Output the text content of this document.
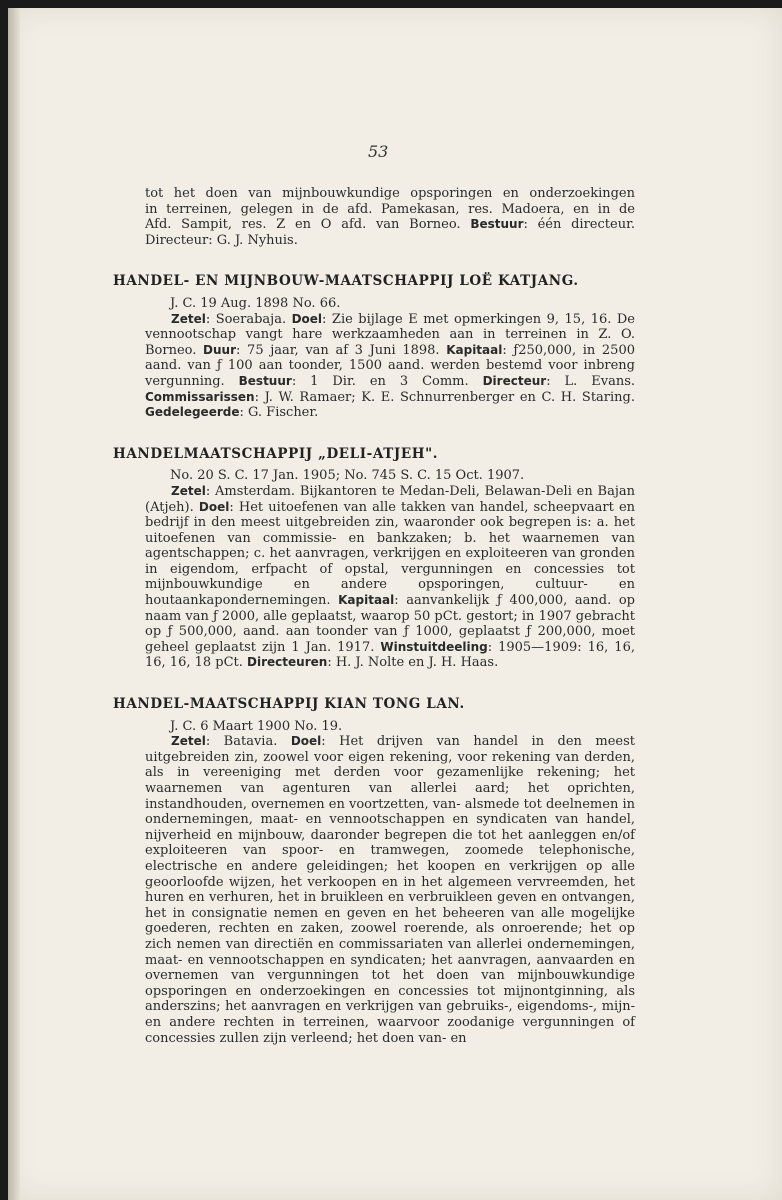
53

tot het doen van mijnbouwkundige opsporingen en onderzoekingen
in terreinen, gelegen in de afd. Pamekasan, res. Madoera, en in de
Afd. Sampit, res. Z en O afd. van Borneo. Bestuur: één directeur.
Directeur: G. J. Nyhuis.

HANDEL- EN MIJNBOUW-MAATSCHAPPIJ LOË KATJANG.

J. C. 19 Aug. 1898 No. 66.

Zetel: Soerabaja. Doel: Zie bijlage E met opmerkingen 9, 15, 16. De vennootschap vangt hare werkzaamheden aan in terreinen in Z. O. Borneo. Duur: 75 jaar, van af 3 Juni 1898. Kapitaal: ƒ250,000, in 2500 aand. van ƒ 100 aan toonder, 1500 aand. werden bestemd voor inbreng vergunning. Bestuur: 1 Dir. en 3 Comm. Directeur: L. Evans. Commissarissen: J. W. Ramaer; K. E. Schnurrenberger en C. H. Staring. Gedelegeerde: G. Fischer.

HANDELMAATSCHAPPIJ „DELI-ATJEH".

No. 20 S. C. 17 Jan. 1905; No. 745 S. C. 15 Oct. 1907.

Zetel: Amsterdam. Bijkantoren te Medan-Deli, Belawan-Deli en Bajan (Atjeh). Doel: Het uitoefenen van alle takken van handel, scheepvaart en bedrijf in den meest uitgebreiden zin, waaronder ook begrepen is: a. het uitoefenen van commissie- en bankzaken; b. het waarnemen van agentschappen; c. het aanvragen, verkrijgen en exploiteeren van gronden in eigendom, erfpacht of opstal, vergunningen en concessies tot mijnbouwkundige en andere opsporingen, cultuur- en houtaankapondernemingen. Kapitaal: aanvankelijk ƒ 400,000, aand. op naam van ƒ 2000, alle geplaatst, waarop 50 pCt. gestort; in 1907 gebracht op ƒ 500,000, aand. aan toonder van ƒ 1000, geplaatst ƒ 200,000, moet geheel geplaatst zijn 1 Jan. 1917. Winstuitdeeling: 1905—1909: 16, 16, 16, 16, 18 pCt. Directeuren: H. J. Nolte en J. H. Haas.

HANDEL-MAATSCHAPPIJ KIAN TONG LAN.

J. C. 6 Maart 1900 No. 19.

Zetel: Batavia. Doel: Het drijven van handel in den meest uitgebreiden zin, zoowel voor eigen rekening, voor rekening van derden, als in vereeniging met derden voor gezamenlijke rekening; het waarnemen van agenturen van allerlei aard; het oprichten, instandhouden, overnemen en voortzetten, van- alsmede tot deelnemen in ondernemingen, maat- en vennootschappen en syndicaten van handel, nijverheid en mijnbouw, daaronder begrepen die tot het aanleggen en/of exploiteeren van spoor- en tramwegen, zoomede telephonische, electrische en andere geleidingen; het koopen en verkrijgen op alle geoorloofde wijzen, het verkoopen en in het algemeen vervreemden, het huren en verhuren, het in bruikleen en verbruikleen geven en ontvangen, het in consignatie nemen en geven en het beheeren van alle mogelijke goederen, rechten en zaken, zoowel roerende, als onroerende; het op zich nemen van directiën en commissariaten van allerlei ondernemingen, maat- en vennootschappen en syndicaten; het aanvragen, aanvaarden en overnemen van vergunningen tot het doen van mijnbouwkundige opsporingen en onderzoekingen en concessies tot mijnontginning, als anderszins; het aanvragen en verkrijgen van gebruiks-, eigendoms-, mijn- en andere rechten in terreinen, waarvoor zoodanige vergunningen of concessies zullen zijn verleend; het doen van- en
